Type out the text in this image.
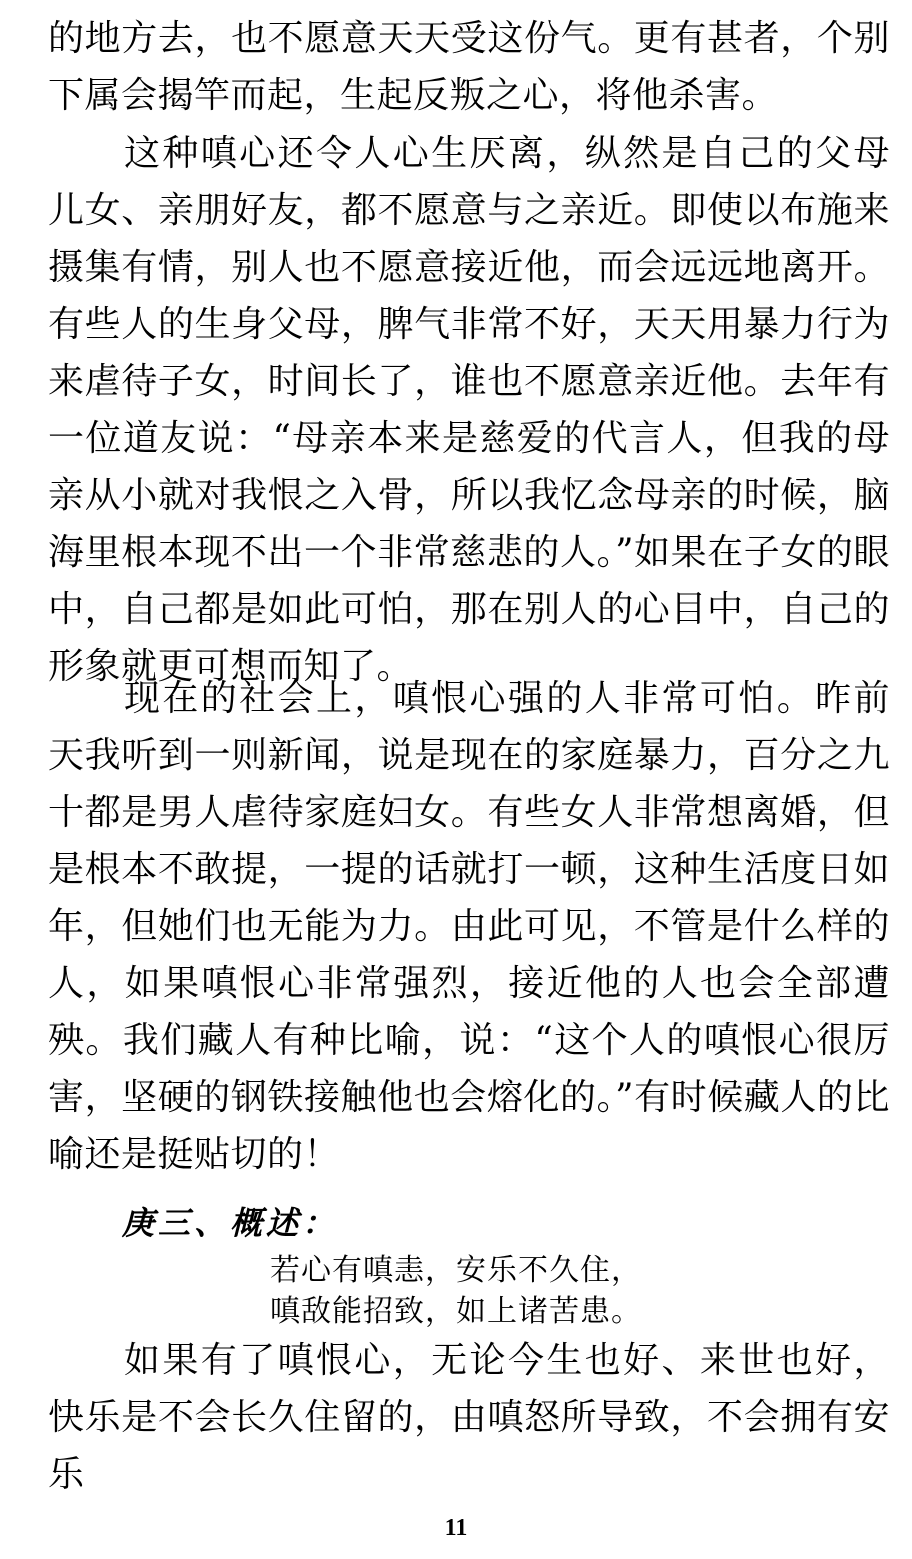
的地方去，也不愿意天天受这份气。更有甚者，个别下属会揭竿而起，生起反叛之心，将他杀害。

这种嗔心还令人心生厌离，纵然是自己的父母儿女、亲朋好友，都不愿意与之亲近。即使以布施来摄集有情，别人也不愿意接近他，而会远远地离开。有些人的生身父母，脾气非常不好，天天用暴力行为来虐待子女，时间长了，谁也不愿意亲近他。去年有一位道友说：“母亲本来是慈爱的代言人，但我的母亲从小就对我恨之入骨，所以我忆念母亲的时候，脑海里根本现不出一个非常慈悲的人。”如果在子女的眼中，自己都是如此可怕，那在别人的心目中，自己的形象就更可想而知了。

现在的社会上，嗔恨心强的人非常可怕。昨前天我听到一则新闻，说是现在的家庭暴力，百分之九十都是男人虐待家庭妇女。有些女人非常想离婚，但是根本不敢提，一提的话就打一顿，这种生活度日如年，但她们也无能为力。由此可见，不管是什么样的人，如果嗔恨心非常强烈，接近他的人也会全部遭殃。我们藏人有种比喻，说：“这个人的嗔恨心很厉害，坚硬的钢铁接触他也会熔化的。”有时候藏人的比喻还是挺贴切的！

庚三、概述：

若心有嗔恚，安乐不久住，

嗔敌能招致，如上诸苦患。

如果有了嗔恨心，无论今生也好、来世也好，快乐是不会长久住留的，由嗔怒所导致，不会拥有安乐

11
